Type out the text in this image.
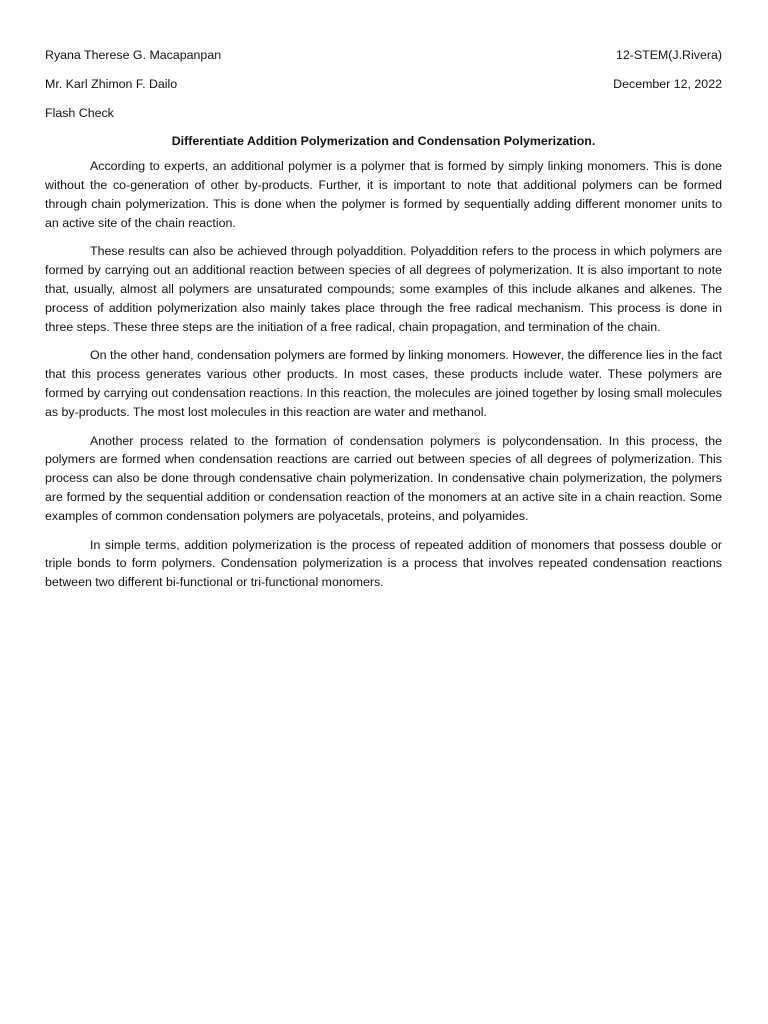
Ryana Therese G. Macapanpan	12-STEM(J.Rivera)
Mr. Karl Zhimon F. Dailo	December 12, 2022
Flash Check
Differentiate Addition Polymerization and Condensation Polymerization.

According to experts, an additional polymer is a polymer that is formed by simply linking monomers. This is done without the co-generation of other by-products. Further, it is important to note that additional polymers can be formed through chain polymerization. This is done when the polymer is formed by sequentially adding different monomer units to an active site of the chain reaction.

These results can also be achieved through polyaddition. Polyaddition refers to the process in which polymers are formed by carrying out an additional reaction between species of all degrees of polymerization. It is also important to note that, usually, almost all polymers are unsaturated compounds; some examples of this include alkanes and alkenes. The process of addition polymerization also mainly takes place through the free radical mechanism. This process is done in three steps. These three steps are the initiation of a free radical, chain propagation, and termination of the chain.

On the other hand, condensation polymers are formed by linking monomers. However, the difference lies in the fact that this process generates various other products. In most cases, these products include water. These polymers are formed by carrying out condensation reactions. In this reaction, the molecules are joined together by losing small molecules as by-products. The most lost molecules in this reaction are water and methanol.

Another process related to the formation of condensation polymers is polycondensation. In this process, the polymers are formed when condensation reactions are carried out between species of all degrees of polymerization. This process can also be done through condensative chain polymerization. In condensative chain polymerization, the polymers are formed by the sequential addition or condensation reaction of the monomers at an active site in a chain reaction. Some examples of common condensation polymers are polyacetals, proteins, and polyamides.

In simple terms, addition polymerization is the process of repeated addition of monomers that possess double or triple bonds to form polymers. Condensation polymerization is a process that involves repeated condensation reactions between two different bi-functional or tri-functional monomers.
